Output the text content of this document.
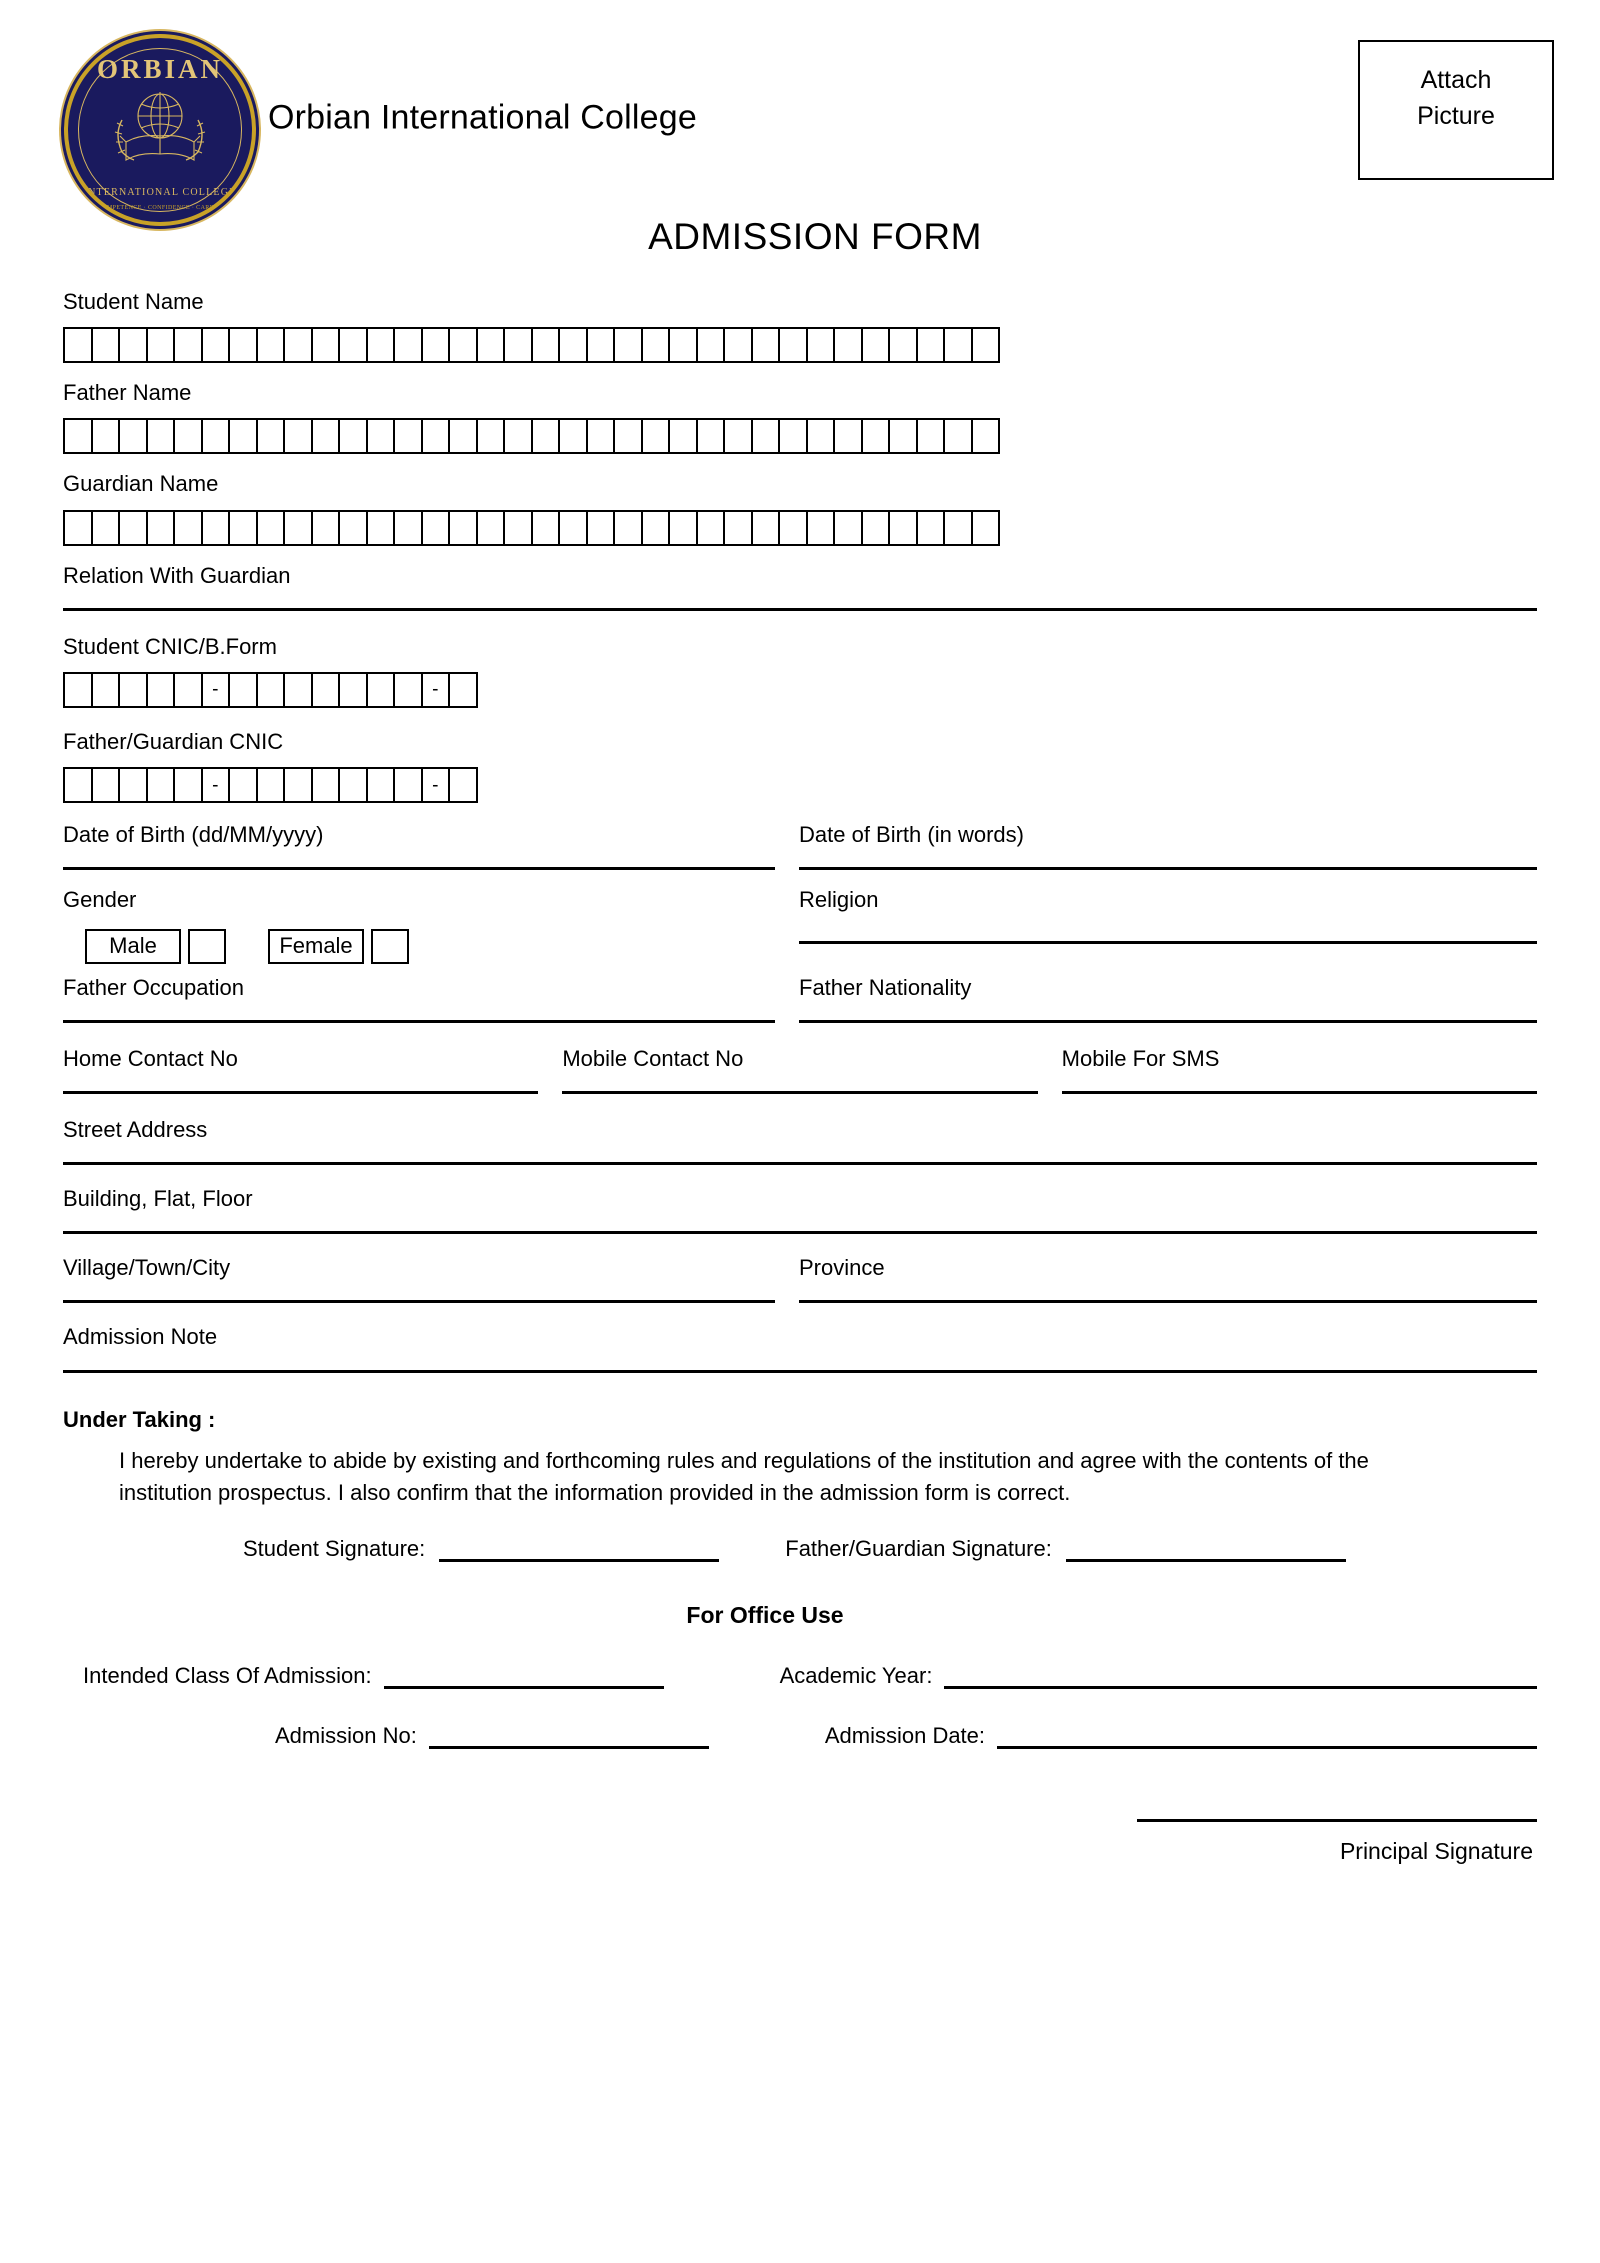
ORBIAN
INTERNATIONAL COLLEGE
COMPETENCE · CONFIDENCE · CAREER
Orbian International College
Attach
Picture
ADMISSION FORM
Student Name
Father Name
Guardian Name
Relation With Guardian
Student CNIC/B.Form
-	-
Father/Guardian CNIC
-	-
Date of Birth (dd/MM/yyyy)	Date of Birth (in words)
Gender
Male	Female
Religion
Father Occupation	Father Nationality
Home Contact No	Mobile Contact No	Mobile For SMS
Street Address
Building, Flat, Floor
Village/Town/City	Province
Admission Note
Under Taking :
I hereby undertake to abide by existing and forthcoming rules and regulations of the institution and agree with the contents of the institution prospectus. I also confirm that the information provided in the admission form is correct.
Student Signature:	Father/Guardian Signature:
For Office Use
Intended Class Of Admission:	Academic Year:
Admission No:	Admission Date:
Principal Signature
